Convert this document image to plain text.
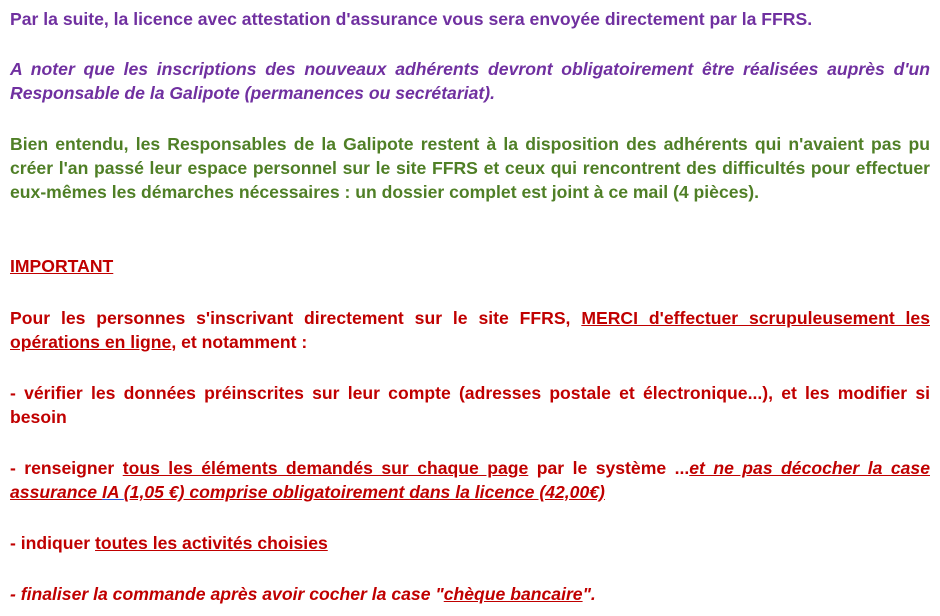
Par la suite, la licence avec attestation d'assurance vous sera envoyée directement par la FFRS.

A noter que les inscriptions des nouveaux adhérents devront obligatoirement être réalisées auprès d'un Responsable de la Galipote (permanences ou secrétariat).

Bien entendu, les Responsables de la Galipote restent à la disposition des adhérents qui n'avaient pas pu créer l'an passé leur espace personnel sur le site FFRS et ceux qui rencontrent des difficultés pour effectuer eux-mêmes les démarches nécessaires : un dossier complet est joint à ce mail (4 pièces).

IMPORTANT

Pour les personnes s'inscrivant directement sur le site FFRS, MERCI d'effectuer scrupuleusement les opérations en ligne, et notamment :

- vérifier les données préinscrites sur leur compte (adresses postale et électronique...), et les modifier si besoin

- renseigner tous les éléments demandés sur chaque page par le système ...et ne pas décocher la case assurance IA (1,05 €) comprise obligatoirement dans la licence (42,00€)

- indiquer toutes les activités choisies

- finaliser la commande après avoir cocher la case "chèque bancaire".
